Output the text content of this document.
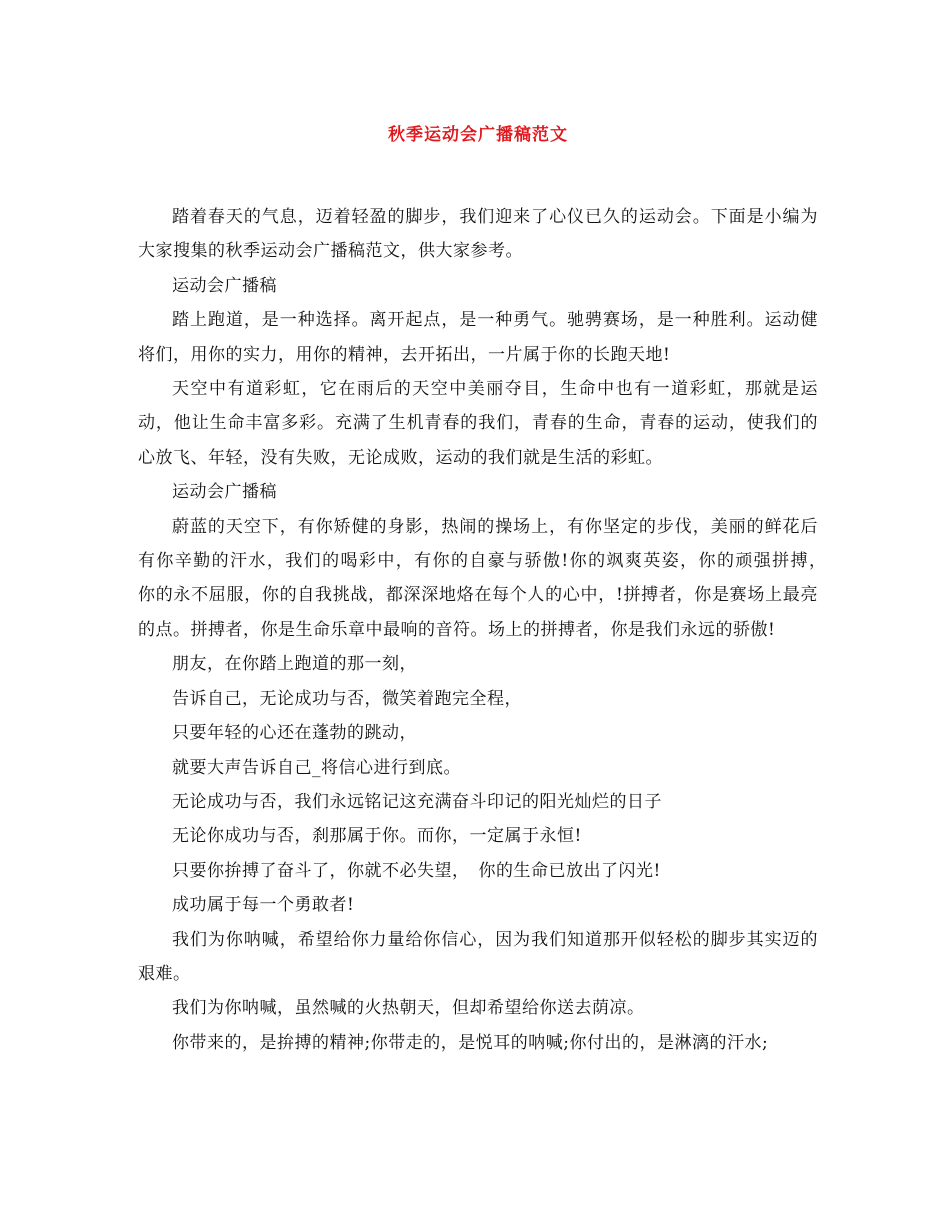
秋季运动会广播稿范文

踏着春天的气息，迈着轻盈的脚步，我们迎来了心仪已久的运动会。下面是小编为大家搜集的秋季运动会广播稿范文，供大家参考。

运动会广播稿

踏上跑道，是一种选择。离开起点，是一种勇气。驰骋赛场，是一种胜利。运动健将们，用你的实力，用你的精神，去开拓出，一片属于你的长跑天地!

天空中有道彩虹，它在雨后的天空中美丽夺目，生命中也有一道彩虹，那就是运动，他让生命丰富多彩。充满了生机青春的我们，青春的生命，青春的运动，使我们的心放飞、年轻，没有失败，无论成败，运动的我们就是生活的彩虹。

运动会广播稿

蔚蓝的天空下，有你矫健的身影，热闹的操场上，有你坚定的步伐，美丽的鲜花后有你辛勤的汗水，我们的喝彩中，有你的自豪与骄傲!你的飒爽英姿，你的顽强拼搏，　你的永不屈服，你的自我挑战，都深深地烙在每个人的心中，!拼搏者，你是赛场上最亮的点。拼搏者，你是生命乐章中最响的音符。场上的拼搏者，你是我们永远的骄傲!

朋友，在你踏上跑道的那一刻，

告诉自己，无论成功与否，微笑着跑完全程，

只要年轻的心还在蓬勃的跳动，

就要大声告诉自己_将信心进行到底。

无论成功与否，我们永远铭记这充满奋斗印记的阳光灿烂的日子

无论你成功与否，刹那属于你。而你，一定属于永恒!

只要你拚搏了奋斗了，你就不必失望，　你的生命已放出了闪光!

成功属于每一个勇敢者!

我们为你呐喊，希望给你力量给你信心，因为我们知道那开似轻松的脚步其实迈的艰难。

我们为你呐喊，虽然喊的火热朝天，但却希望给你送去荫凉。

你带来的，是拚搏的精神;你带走的，是悦耳的呐喊;你付出的，是淋漓的汗水;
